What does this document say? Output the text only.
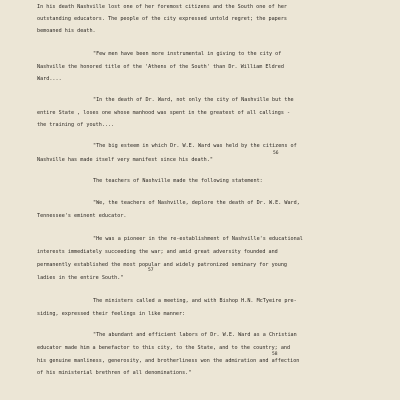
In his death Nashville lost one of her foremost citizens and the South one of her
outstanding educators. The people of the city expressed untold regret; the papers
bemoaned his death.
"Few men have been more instrumental in giving to the city of
Nashville the honored title of the 'Athens of the South' than Dr. William Eldred
Ward....
"In the death of Dr. Ward, not only the city of Nashville but the
entire State , loses one whose manhood was spent in the greatest of all callings -
the training of youth....
"The big esteem in which Dr. W.E. Ward was held by the citizens of
56
Nashville has made itself very manifest since his death."
The teachers of Nashville made the following statement:
"We, the teachers of Nashville, deplore the death of Dr. W.E. Ward,
Tennessee's eminent educator.
"He was a pioneer in the re-establishment of Nashville's educational
interests immediately succeeding the war; and amid great adversity founded and
permanently established the most popular and widely patronized seminary for young
57
ladies in the entire South."
The ministers called a meeting, and with Bishop H.N. McTyeire pre-
siding, expressed their feelings in like manner:
"The abundant and efficient labors of Dr. W.E. Ward as a Christian
educator made him a benefactor to this city, to the State, and to the country; and
58
his genuine manliness, generosity, and brotherliness won the admiration and affection
of his ministerial brethren of all denominations."
